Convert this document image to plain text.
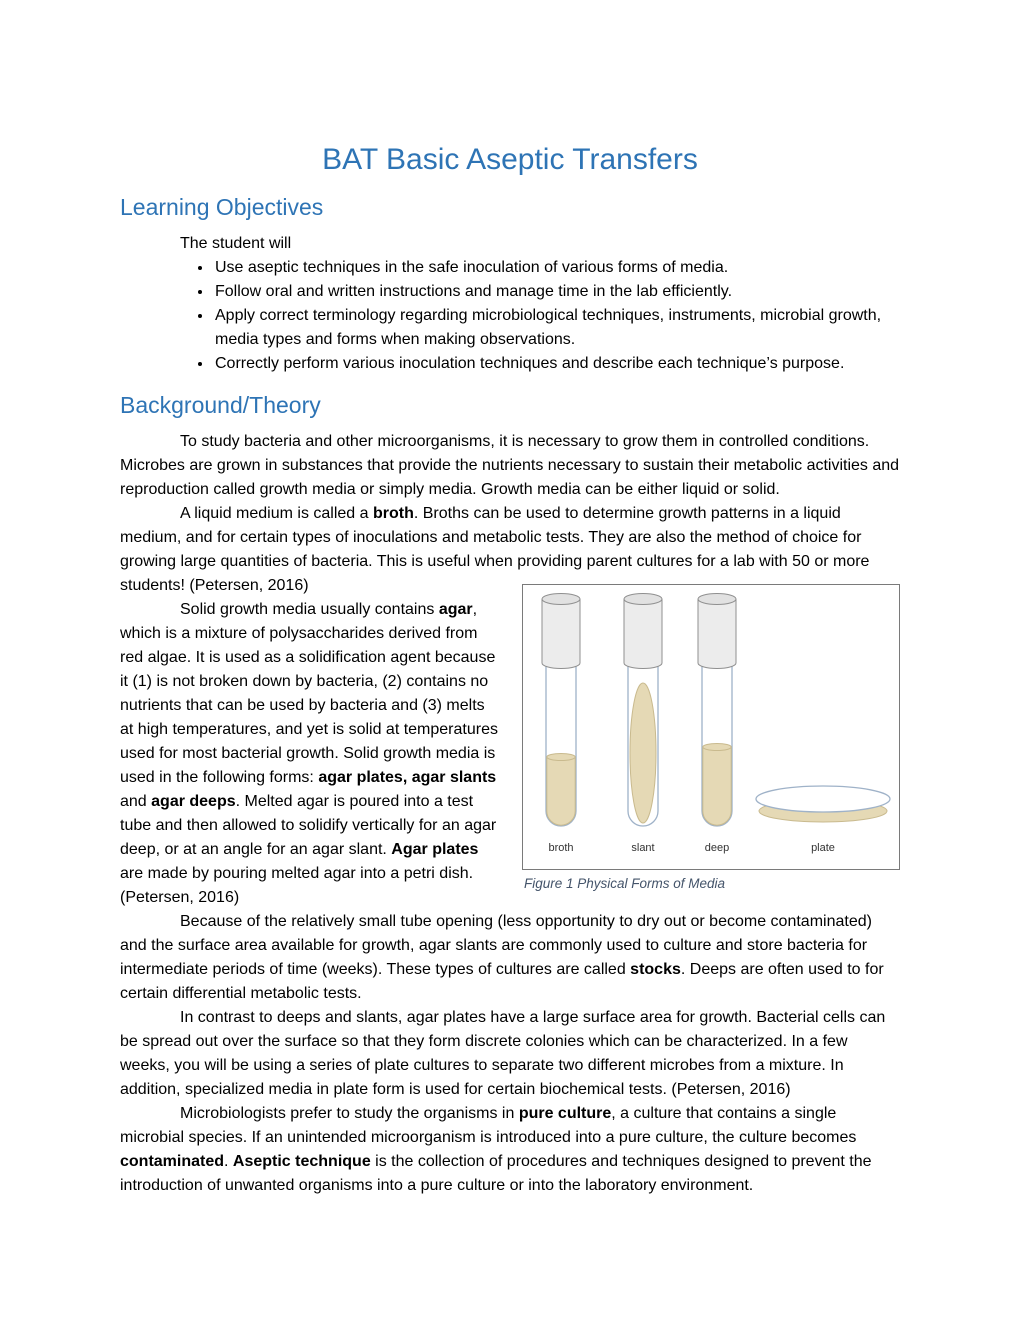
BAT Basic Aseptic Transfers
Learning Objectives

The student will

• Use aseptic techniques in the safe inoculation of various forms of media.
• Follow oral and written instructions and manage time in the lab efficiently.
• Apply correct terminology regarding microbiological techniques, instruments, microbial growth, media types and forms when making observations.
• Correctly perform various inoculation techniques and describe each technique’s purpose.
Background/Theory

To study bacteria and other microorganisms, it is necessary to grow them in controlled conditions. Microbes are grown in substances that provide the nutrients necessary to sustain their metabolic activities and reproduction called growth media or simply media. Growth media can be either liquid or solid.

A liquid medium is called a broth. Broths can be used to determine growth patterns in a liquid medium, and for certain types of inoculations and metabolic tests. They are also the method of choice for growing large quantities of bacteria. This is useful when providing parent cultures for a lab with 50 or more students! (Petersen, 2016)

broth	slant	deep	plate
Figure 1 Physical Forms of Media

Solid growth media usually contains agar, which is a mixture of polysaccharides derived from red algae. It is used as a solidification agent because it (1) is not broken down by bacteria, (2) contains no nutrients that can be used by bacteria and (3) melts at high temperatures, and yet is solid at temperatures used for most bacterial growth. Solid growth media is used in the following forms: agar plates, agar slants and agar deeps. Melted agar is poured into a test tube and then allowed to solidify vertically for an agar deep, or at an angle for an agar slant. Agar plates are made by pouring melted agar into a petri dish. (Petersen, 2016)

Because of the relatively small tube opening (less opportunity to dry out or become contaminated) and the surface area available for growth, agar slants are commonly used to culture and store bacteria for intermediate periods of time (weeks). These types of cultures are called stocks. Deeps are often used to for certain differential metabolic tests.

In contrast to deeps and slants, agar plates have a large surface area for growth. Bacterial cells can be spread out over the surface so that they form discrete colonies which can be characterized. In a few weeks, you will be using a series of plate cultures to separate two different microbes from a mixture. In addition, specialized media in plate form is used for certain biochemical tests. (Petersen, 2016)

Microbiologists prefer to study the organisms in pure culture, a culture that contains a single microbial species. If an unintended microorganism is introduced into a pure culture, the culture becomes contaminated. Aseptic technique is the collection of procedures and techniques designed to prevent the introduction of unwanted organisms into a pure culture or into the laboratory environment.
